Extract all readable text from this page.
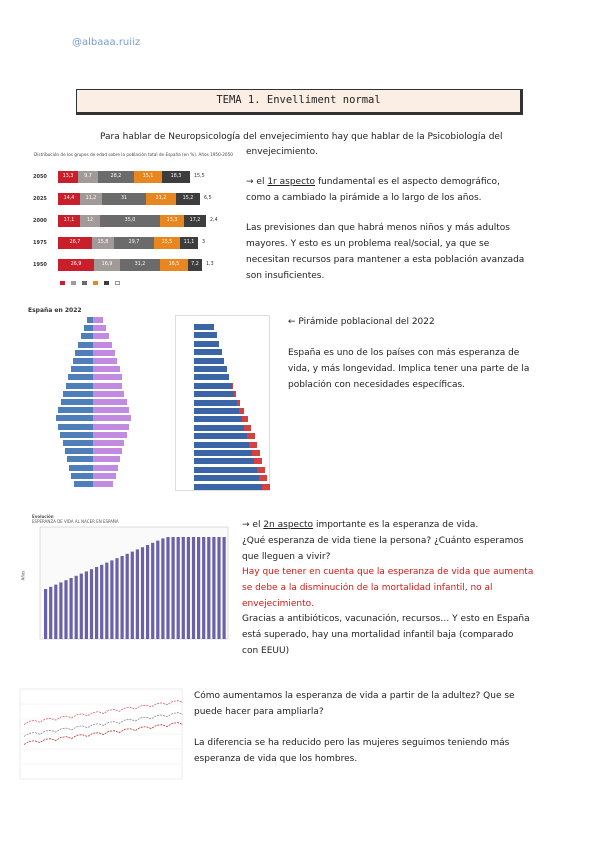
@albaaa.ruiiz
TEMA 1. Envelliment normal
Para hablar de Neuropsicología del envejecimiento hay que hablar de la Psicobiología del
envejecimiento.
Distribución de los grupos de edad sobre la población total de España (en %). Años 1950-2050
2050	13,3	9,7	28,2	15,1	18,3	15,5
2025	14,4	11,2	31	21,2	15,2	6,5
2000	17,1	12	35,0	13,3	17,2	2,4
1975	26,7	15,8	29,7	15,5	11,1	3
1950	26,9	16,9	31,2	16,5	7,2	1,3
→ el 1r aspecto fundamental es el aspecto demográfico,
como a cambiado la pirámide a lo largo de los años.
Las previsiones dan que habrá menos niños y más adultos
mayores. Y esto es un problema real/social, ya que se
necesitan recursos para mantener a esta población avanzada
son insuficientes.
España en 2022
← Pirámide poblacional del 2022
España es uno de los países con más esperanza de
vida, y más longevidad. Implica tener una parte de la
población con necesidades específicas.
Evolución
ESPERANZA DE VIDA AL NACER EN ESPAÑA
Años
→ el 2n aspecto importante es la esperanza de vida.
¿Qué esperanza de vida tiene la persona? ¿Cuánto esperamos
que lleguen a vivir?
Hay que tener en cuenta que la esperanza de vida que aumenta
se debe a la disminución de la mortalidad infantil, no al
envejecimiento.
Gracias a antibióticos, vacunación, recursos… Y esto en España
está superado, hay una mortalidad infantil baja (comparado
con EEUU)
Cómo aumentamos la esperanza de vida a partir de la adultez? Que se
puede hacer para ampliarla?
La diferencia se ha reducido pero las mujeres seguimos teniendo más
esperanza de vida que los hombres.
